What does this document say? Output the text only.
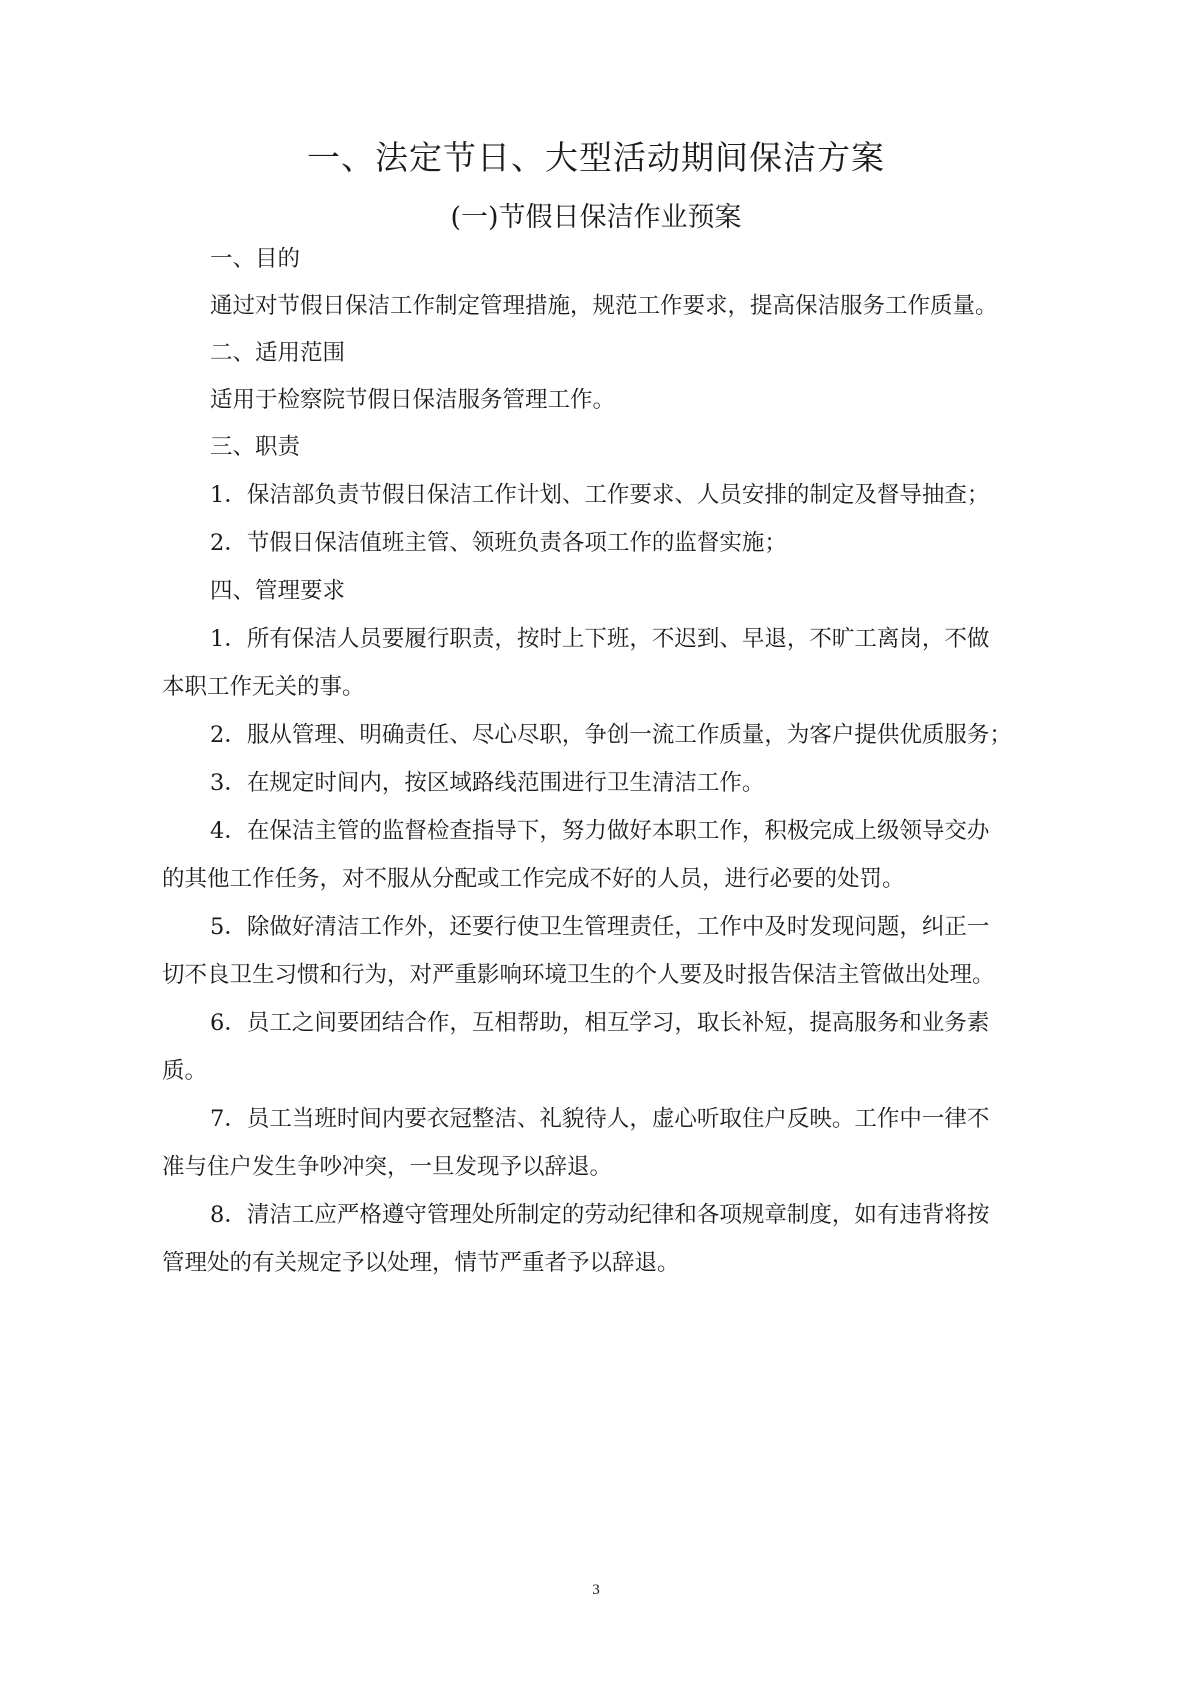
一、法定节日、大型活动期间保洁方案
(一)节假日保洁作业预案

一、目的

通过对节假日保洁工作制定管理措施，规范工作要求，提高保洁服务工作质量。

二、适用范围

适用于检察院节假日保洁服务管理工作。

三、职责

1．保洁部负责节假日保洁工作计划、工作要求、人员安排的制定及督导抽查；

2．节假日保洁值班主管、领班负责各项工作的监督实施；

四、管理要求

1．所有保洁人员要履行职责，按时上下班，不迟到、早退，不旷工离岗，不做

本职工作无关的事。

2．服从管理、明确责任、尽心尽职，争创一流工作质量，为客户提供优质服务；

3．在规定时间内，按区域路线范围进行卫生清洁工作。

4．在保洁主管的监督检查指导下，努力做好本职工作，积极完成上级领导交办

的其他工作任务，对不服从分配或工作完成不好的人员，进行必要的处罚。

5．除做好清洁工作外，还要行使卫生管理责任，工作中及时发现问题，纠正一

切不良卫生习惯和行为，对严重影响环境卫生的个人要及时报告保洁主管做出处理。

6．员工之间要团结合作，互相帮助，相互学习，取长补短，提高服务和业务素

质。

7．员工当班时间内要衣冠整洁、礼貌待人，虚心听取住户反映。工作中一律不

准与住户发生争吵冲突，一旦发现予以辞退。

8．清洁工应严格遵守管理处所制定的劳动纪律和各项规章制度，如有违背将按

管理处的有关规定予以处理，情节严重者予以辞退。

3
